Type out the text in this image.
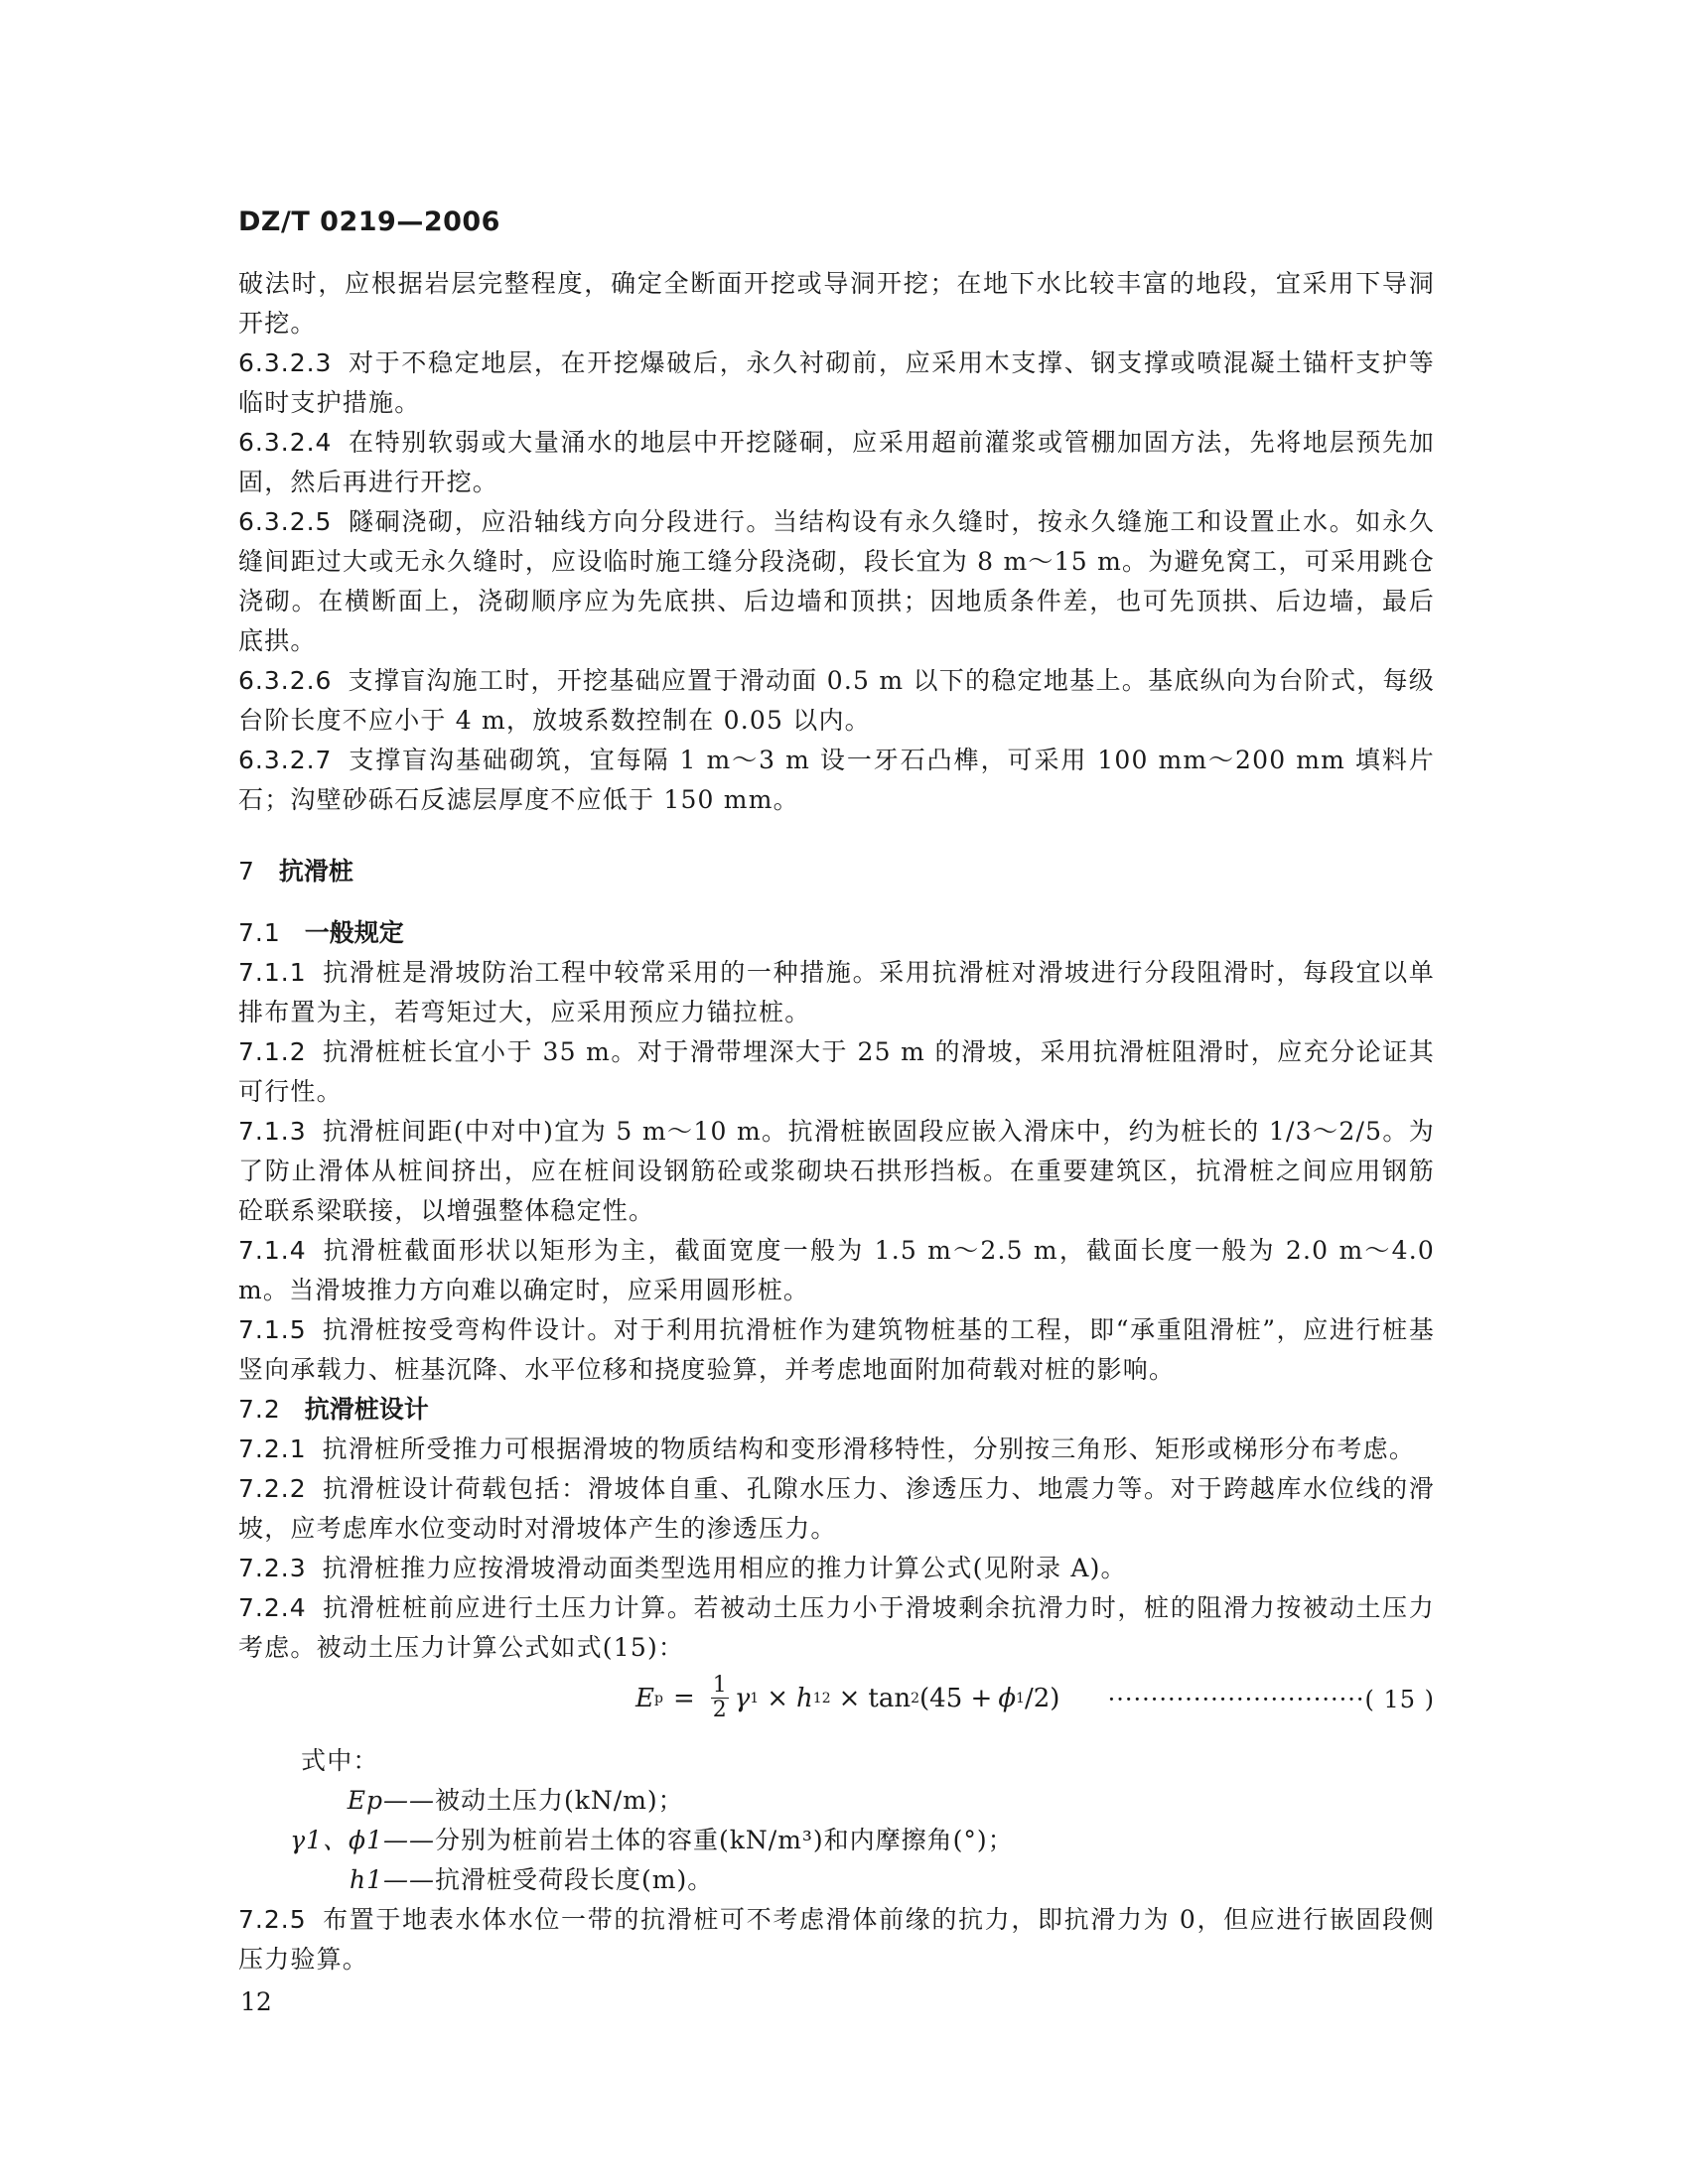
DZ/T 0219—2006

破法时，应根据岩层完整程度，确定全断面开挖或导洞开挖；在地下水比较丰富的地段，宜采用下导洞开挖。

6.3.2.3 对于不稳定地层，在开挖爆破后，永久衬砌前，应采用木支撑、钢支撑或喷混凝土锚杆支护等临时支护措施。

6.3.2.4 在特别软弱或大量涌水的地层中开挖隧硐，应采用超前灌浆或管棚加固方法，先将地层预先加固，然后再进行开挖。

6.3.2.5 隧硐浇砌，应沿轴线方向分段进行。当结构设有永久缝时，按永久缝施工和设置止水。如永久缝间距过大或无永久缝时，应设临时施工缝分段浇砌，段长宜为 8 m～15 m。为避免窝工，可采用跳仓浇砌。在横断面上，浇砌顺序应为先底拱、后边墙和顶拱；因地质条件差，也可先顶拱、后边墙，最后底拱。

6.3.2.6 支撑盲沟施工时，开挖基础应置于滑动面 0.5 m 以下的稳定地基上。基底纵向为台阶式，每级台阶长度不应小于 4 m，放坡系数控制在 0.05 以内。

6.3.2.7 支撑盲沟基础砌筑，宜每隔 1 m～3 m 设一牙石凸榫，可采用 100 mm～200 mm 填料片石；沟壁砂砾石反滤层厚度不应低于 150 mm。

7 抗滑桩
7.1 一般规定

7.1.1 抗滑桩是滑坡防治工程中较常采用的一种措施。采用抗滑桩对滑坡进行分段阻滑时，每段宜以单排布置为主，若弯矩过大，应采用预应力锚拉桩。

7.1.2 抗滑桩桩长宜小于 35 m。对于滑带埋深大于 25 m 的滑坡，采用抗滑桩阻滑时，应充分论证其可行性。

7.1.3 抗滑桩间距(中对中)宜为 5 m～10 m。抗滑桩嵌固段应嵌入滑床中，约为桩长的 1/3～2/5。为了防止滑体从桩间挤出，应在桩间设钢筋砼或浆砌块石拱形挡板。在重要建筑区，抗滑桩之间应用钢筋砼联系梁联接，以增强整体稳定性。

7.1.4 抗滑桩截面形状以矩形为主，截面宽度一般为 1.5 m～2.5 m，截面长度一般为 2.0 m～4.0 m。当滑坡推力方向难以确定时，应采用圆形桩。

7.1.5 抗滑桩按受弯构件设计。对于利用抗滑桩作为建筑物桩基的工程，即“承重阻滑桩”，应进行桩基竖向承载力、桩基沉降、水平位移和挠度验算，并考虑地面附加荷载对桩的影响。

7.2 抗滑桩设计

7.2.1 抗滑桩所受推力可根据滑坡的物质结构和变形滑移特性，分别按三角形、矩形或梯形分布考虑。

7.2.2 抗滑桩设计荷载包括：滑坡体自重、孔隙水压力、渗透压力、地震力等。对于跨越库水位线的滑坡，应考虑库水位变动时对滑坡体产生的渗透压力。

7.2.3 抗滑桩推力应按滑坡滑动面类型选用相应的推力计算公式(见附录 A)。

7.2.4 抗滑桩桩前应进行土压力计算。若被动土压力小于滑坡剩余抗滑力时，桩的阻滑力按被动土压力考虑。被动土压力计算公式如式(15)：

E $p = \frac{1}{2}$ γ 1 × h 1 2 × tan 2 (45 + ϕ 1 /2) ······························( 15 )
式中：
Ep—— 被动土压力(kN/m)；
γ1、ϕ1—— 分别为桩前岩土体的容重(kN/m³)和内摩擦角(°)；
h1—— 抗滑桩受荷段长度(m)。

7.2.5 布置于地表水体水位一带的抗滑桩可不考虑滑体前缘的抗力，即抗滑力为 0，但应进行嵌固段侧压力验算。

12
